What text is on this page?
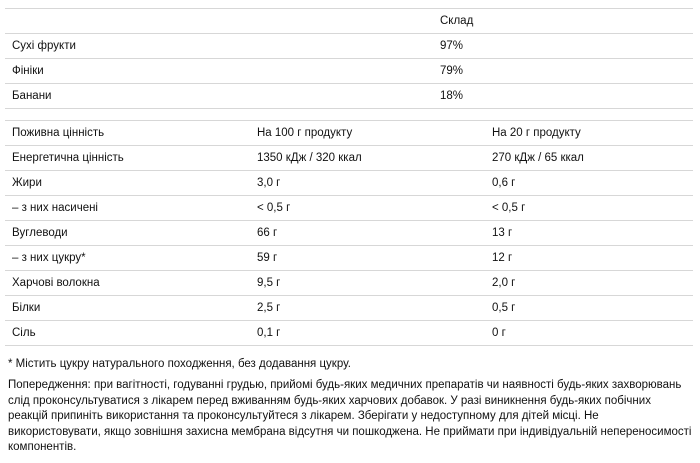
	Склад
Сухі фрукти	97%
Фініки	79%
Банани	18%
Поживна цінність	На 100 г продукту	На 20 г продукту
Енергетична цінність	1350 кДж / 320 ккал	270 кДж / 65 ккал
Жири	3,0 г	0,6 г
– з них насичені	< 0,5 г	< 0,5 г
Вуглеводи	66 г	13 г
– з них цукру*	59 г	12 г
Харчові волокна	9,5 г	2,0 г
Білки	2,5 г	0,5 г
Сіль	0,1 г	0 г

* Містить цукру натурального походження, без додавання цукру.

Попередження: при вагітності, годуванні грудью, прийомі будь-яких медичних препаратів чи наявності будь-яких захворювань слід проконсультуватися з лікарем перед вживанням будь-яких харчових добавок. У разі виникнення будь-яких побічних реакцій припиніть використання та проконсультуйтеся з лікарем. Зберігати у недоступному для дітей місці. Не використовувати, якщо зовнішня захисна мембрана відсутня чи пошкоджена. Не приймати при індивідуальній непереносимості компонентів.
